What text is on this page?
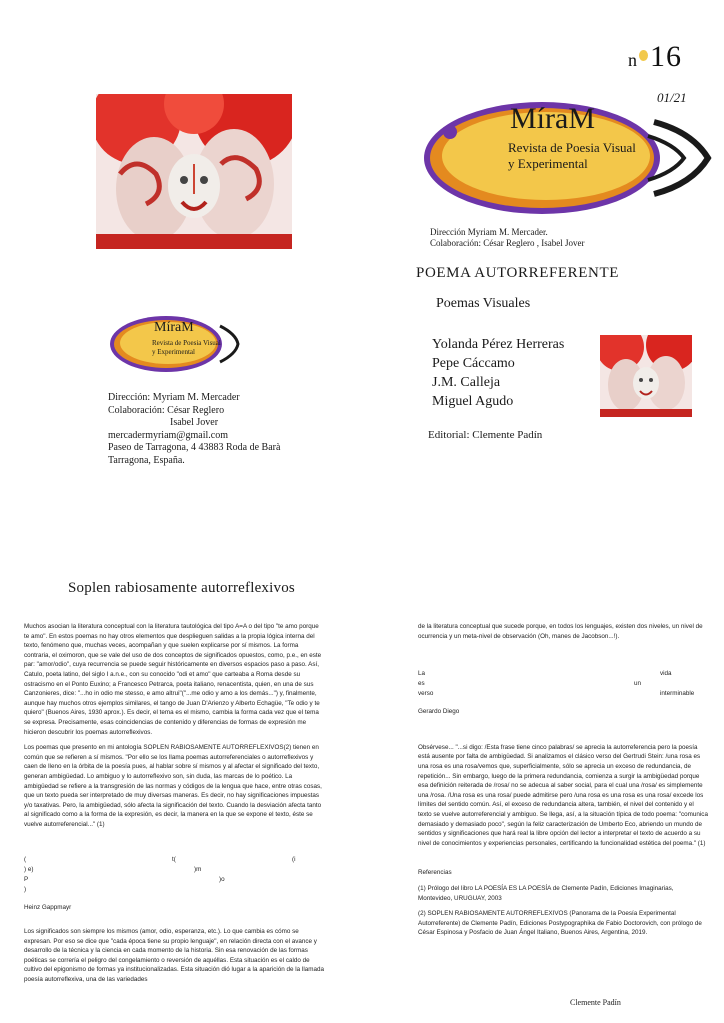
n 16
01/21
MíraM
Revista de Poesia Visual
y Experimental
Dirección Myriam M. Mercader.
Colaboración: César Reglero , Isabel Jover
POEMA AUTORREFERENTE
Poemas Visuales
Yolanda Pérez Herreras
Pepe Cáccamo
J.M. Calleja
Miguel Agudo
Editorial: Clemente Padín
MíraM
Revista de Poesia Visual
y Experimental
Dirección: Myriam M. Mercader
Colaboración: César Reglero
Isabel Jover
mercadermyriam@gmail.com
Paseo de Tarragona, 4 43883 Roda de Barà
Tarragona, España.
Soplen rabiosamente autorreflexivos

Muchos asocian la literatura conceptual con la literatura tautológica del tipo A=A o del tipo "te amo porque te amo". En estos poemas no hay otros elementos que desplieguen salidas a la propia lógica interna del texto, fenómeno que, muchas veces, acompañan y que suelen explicarse por sí mismos. La forma contraria, el oximoron, que se vale del uso de dos conceptos de significados opuestos, como, p.e., en este par: "amor/odio", cuya recurrencia se puede seguir históricamente en diversos espacios paso a paso. Así, Catulo, poeta latino, del siglo I a.n.e., con su conocido "odi et amo" que carteaba a Roma desde su ostracismo en el Ponto Euxino; a Francesco Petrarca, poeta italiano, renacentista, quien, en una de sus Canzonieres, dice: "...ho in odio me stesso, e amo altrui"("...me odio y amo a los demás...") y, finalmente, aunque hay muchos otros ejemplos similares, el tango de Juan D'Arienzo y Alberto Echagüe, "Te odio y te quiero" (Buenos Aires, 1930 aprox.). Es decir, el tema es el mismo, cambia la forma cada vez que el tema se expresa. Precisamente, esas coincidencias de contenido y diferencias de formas de expresión me hicieron descubrir los poemas autorreflexivos.

Los poemas que presento en mi antología SOPLEN RABIOSAMENTE AUTORREFLEXIVOS(2) tienen en común que se refieren a sí mismos. "Por ello se los llama poemas autorreferenciales o autorreflexivos y caen de lleno en la órbita de la poesía pues, al hablar sobre sí mismos y al afectar el significado del texto, generan ambigüedad. Lo ambiguo y lo autorreflexivo son, sin duda, las marcas de lo poético. La ambigüedad se refiere a la transgresión de las normas y códigos de la lengua que hace, entre otras cosas, que un texto pueda ser interpretado de muy diversas maneras. Es decir, no hay significaciones impuestas y/o taxativas. Pero, la ambigüedad, sólo afecta la significación del texto. Cuando la desviación afecta tanto al significado como a la forma de la expresión, es decir, la manera en la que se expone el texto, éste se vuelve autorreferencial..." (1)

(	t(	(i
) e)	)m
P	)o
)

Heinz Gappmayr

Los significados son siempre los mismos (amor, odio, esperanza, etc.). Lo que cambia es cómo se expresan. Por eso se dice que "cada época tiene su propio lenguaje", en relación directa con el avance y desarrollo de la técnica y la ciencia en cada momento de la historia. Sin esa renovación de las formas poéticas se correría el peligro del congelamiento o reversión de aquéllas. Esta situación es el caldo de cultivo del epigonismo de formas ya institucionalizadas. Esta situación dió lugar a la aparición de la llamada poesía autorreflexiva, una de las variedades

de la literatura conceptual que sucede porque, en todos los lenguajes, existen dos niveles, un nivel de ocurrencia y un meta-nivel de observación (Oh, manes de Jacobson...!).

La	vida
es	un
verso	interminable

Gerardo Diego

Obsérvese... "...si digo: /Esta frase tiene cinco palabras/ se aprecia la autorreferencia pero la poesía está ausente por falta de ambigüedad. Si analizamos el clásico verso del Gertrudi Stein: /una rosa es una rosa es una rosa/vemos que, superficialmente, sólo se aprecia un exceso de redundancia, de repetición... Sin embargo, luego de la primera redundancia, comienza a surgir la ambigüedad porque esa definición reiterada de /rosa/ no se adecua al saber social, para el cual una /rosa/ es simplemente una /rosa. /Una rosa es una rosa/ puede admitirse pero /una rosa es una rosa es una rosa/ excede los límites del sentido común. Así, el exceso de redundancia altera, también, el nivel del contenido y el texto se vuelve autorreferencial y ambiguo. Se llega, así, a la situación típica de todo poema: "comunica demasiado y demasiado poco", según la feliz caracterización de Umberto Eco, abriendo un mundo de sentidos y significaciones que hará real la libre opción del lector a interpretar el texto de acuerdo a su nivel de conocimientos y experiencias personales, certificando la funcionalidad estética del poema." (1)

Referencias

(1) Prólogo del libro LA POESÍA ES LA POESÍA de Clemente Padín, Ediciones Imaginarias, Montevideo, URUGUAY, 2003

(2) SOPLEN RABIOSAMENTE AUTORREFLEXIVOS (Panorama de la Poesía Experimental Autorreferente) de Clemente Padín, Ediciones Postypographika de Fabio Doctorovich, con prólogo de César Espinosa y Posfacio de Juan Ángel Italiano, Buenos Aires, Argentina, 2019.

Clemente Padín
